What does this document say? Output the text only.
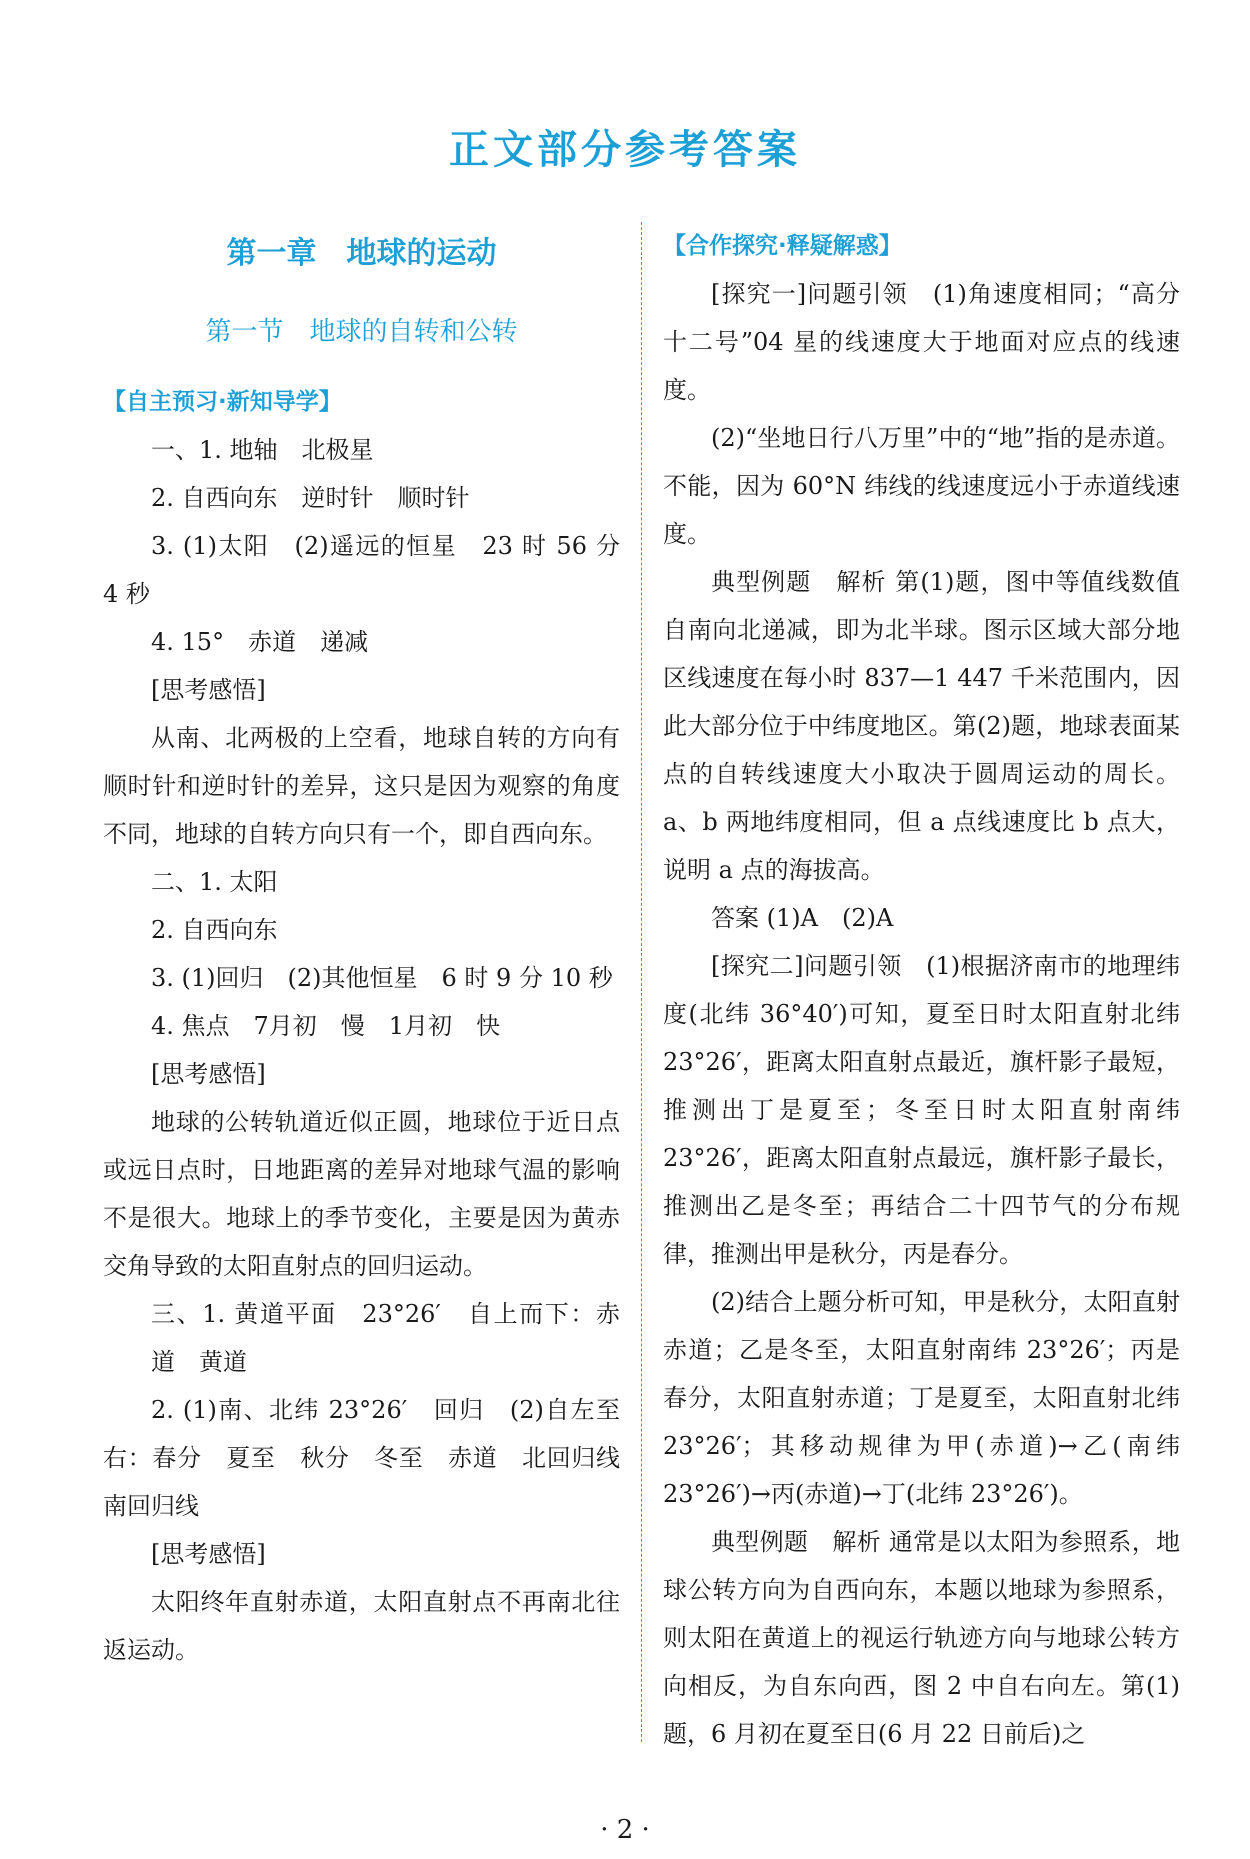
正文部分参考答案
第一章　地球的运动
第一节　地球的自转和公转
【自主预习·新知导学】

一、1. 地轴　北极星

2. 自西向东　逆时针　顺时针

3. (1)太阳　(2)遥远的恒星　23 时 56 分 4 秒

4. 15°　赤道　递减

[思考感悟]

从南、北两极的上空看，地球自转的方向有顺时针和逆时针的差异，这只是因为观察的角度不同，地球的自转方向只有一个，即自西向东。

二、1. 太阳

2. 自西向东

3. (1)回归　(2)其他恒星　6 时 9 分 10 秒

4. 焦点　7月初　慢　1月初　快

[思考感悟]

地球的公转轨道近似正圆，地球位于近日点或远日点时，日地距离的差异对地球气温的影响不是很大。地球上的季节变化，主要是因为黄赤交角导致的太阳直射点的回归运动。

三、1. 黄道平面　23°26′　自上而下：赤道　黄道

2. (1)南、北纬 23°26′　回归　(2)自左至右：春分　夏至　秋分　冬至　赤道　北回归线　南回归线

[思考感悟]

太阳终年直射赤道，太阳直射点不再南北往返运动。

【合作探究·释疑解惑】

[探究一]问题引领　(1)角速度相同；“高分十二号”04 星的线速度大于地面对应点的线速度。

(2)“坐地日行八万里”中的“地”指的是赤道。不能，因为 60°N 纬线的线速度远小于赤道线速度。

典型例题　解析 第(1)题，图中等值线数值自南向北递减，即为北半球。图示区域大部分地区线速度在每小时 837—1 447 千米范围内，因此大部分位于中纬度地区。第(2)题，地球表面某点的自转线速度大小取决于圆周运动的周长。a、b 两地纬度相同，但 a 点线速度比 b 点大，说明 a 点的海拔高。

答案 (1)A　(2)A

[探究二]问题引领　(1)根据济南市的地理纬度(北纬 36°40′)可知，夏至日时太阳直射北纬 23°26′，距离太阳直射点最近，旗杆影子最短，推测出丁是夏至；冬至日时太阳直射南纬 23°26′，距离太阳直射点最远，旗杆影子最长，推测出乙是冬至；再结合二十四节气的分布规律，推测出甲是秋分，丙是春分。

(2)结合上题分析可知，甲是秋分，太阳直射赤道；乙是冬至，太阳直射南纬 23°26′；丙是春分，太阳直射赤道；丁是夏至，太阳直射北纬 23°26′；其移动规律为甲(赤道)→乙(南纬 23°26′)→丙(赤道)→丁(北纬 23°26′)。

典型例题　解析 通常是以太阳为参照系，地球公转方向为自西向东，本题以地球为参照系，则太阳在黄道上的视运行轨迹方向与地球公转方向相反，为自东向西，图 2 中自右向左。第(1)题，6 月初在夏至日(6 月 22 日前后)之

· 2 ·
